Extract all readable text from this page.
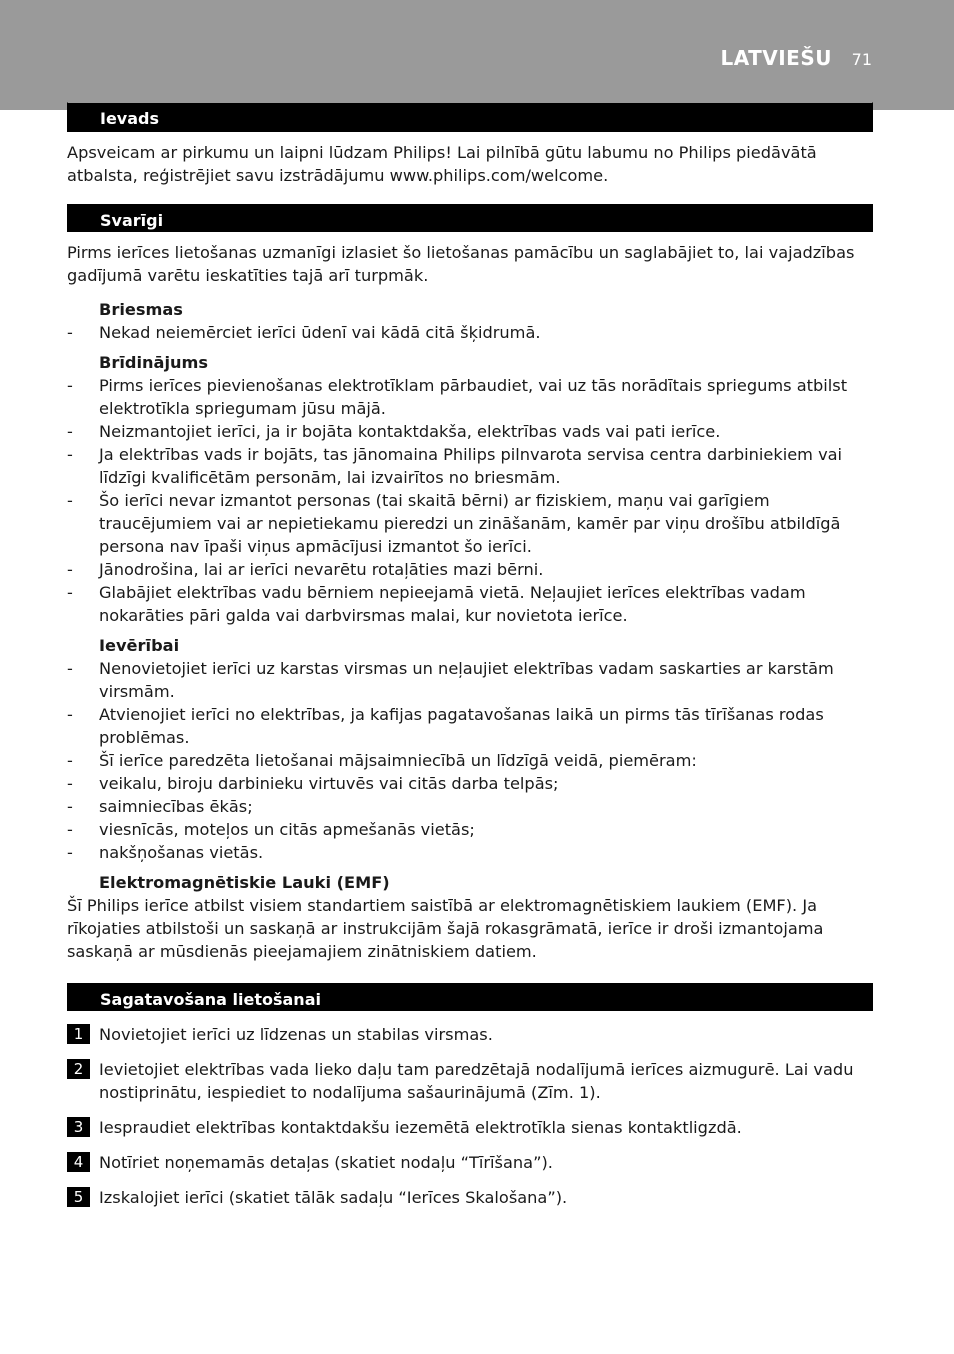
LATVIEŠU 71
Ievads

Apsveicam ar pirkumu un laipni lūdzam Philips! Lai pilnībā gūtu labumu no Philips piedāvātā atbalsta, reģistrējiet savu izstrādājumu www.philips.com/welcome.

Svarīgi

Pirms ierīces lietošanas uzmanīgi izlasiet šo lietošanas pamācību un saglabājiet to, lai vajadzības gadījumā varētu ieskatīties tajā arī turpmāk.

Briesmas
- Nekad neiemērciet ierīci ūdenī vai kādā citā šķidrumā.
Brīdinājums
- Pirms ierīces pievienošanas elektrotīklam pārbaudiet, vai uz tās norādītais spriegums atbilst elektrotīkla spriegumam jūsu mājā.
- Neizmantojiet ierīci, ja ir bojāta kontaktdakša, elektrības vads vai pati ierīce.
- Ja elektrības vads ir bojāts, tas jānomaina Philips pilnvarota servisa centra darbiniekiem vai līdzīgi kvalificētām personām, lai izvairītos no briesmām.
- Šo ierīci nevar izmantot personas (tai skaitā bērni) ar fiziskiem, maņu vai garīgiem traucējumiem vai ar nepietiekamu pieredzi un zināšanām, kamēr par viņu drošību atbildīgā persona nav īpaši viņus apmācījusi izmantot šo ierīci.
- Jānodrošina, lai ar ierīci nevarētu rotaļāties mazi bērni.
- Glabājiet elektrības vadu bērniem nepieejamā vietā. Neļaujiet ierīces elektrības vadam nokarāties pāri galda vai darbvirsmas malai, kur novietota ierīce.
Ievērībai
- Nenovietojiet ierīci uz karstas virsmas un neļaujiet elektrības vadam saskarties ar karstām virsmām.
- Atvienojiet ierīci no elektrības, ja kafijas pagatavošanas laikā un pirms tās tīrīšanas rodas problēmas.
- Šī ierīce paredzēta lietošanai mājsaimniecībā un līdzīgā veidā, piemēram:
- veikalu, biroju darbinieku virtuvēs vai citās darba telpās;
- saimniecības ēkās;
- viesnīcās, moteļos un citās apmešanās vietās;
- nakšņošanas vietās.
Elektromagnētiskie Lauki (EMF)

Šī Philips ierīce atbilst visiem standartiem saistībā ar elektromagnētiskiem laukiem (EMF). Ja rīkojaties atbilstoši un saskaņā ar instrukcijām šajā rokasgrāmatā, ierīce ir droši izmantojama saskaņā ar mūsdienās pieejamajiem zinātniskiem datiem.

Sagatavošana lietošanai
1 Novietojiet ierīci uz līdzenas un stabilas virsmas.
2 Ievietojiet elektrības vada lieko daļu tam paredzētajā nodalījumā ierīces aizmugurē. Lai vadu nostiprinātu, iespiediet to nodalījuma sašaurinājumā (Zīm. 1).
3 Iespraudiet elektrības kontaktdakšu iezemētā elektrotīkla sienas kontaktligzdā.
4 Notīriet noņemamās detaļas (skatiet nodaļu “Tīrīšana”).
5 Izskalojiet ierīci (skatiet tālāk sadaļu “Ierīces Skalošana”).
